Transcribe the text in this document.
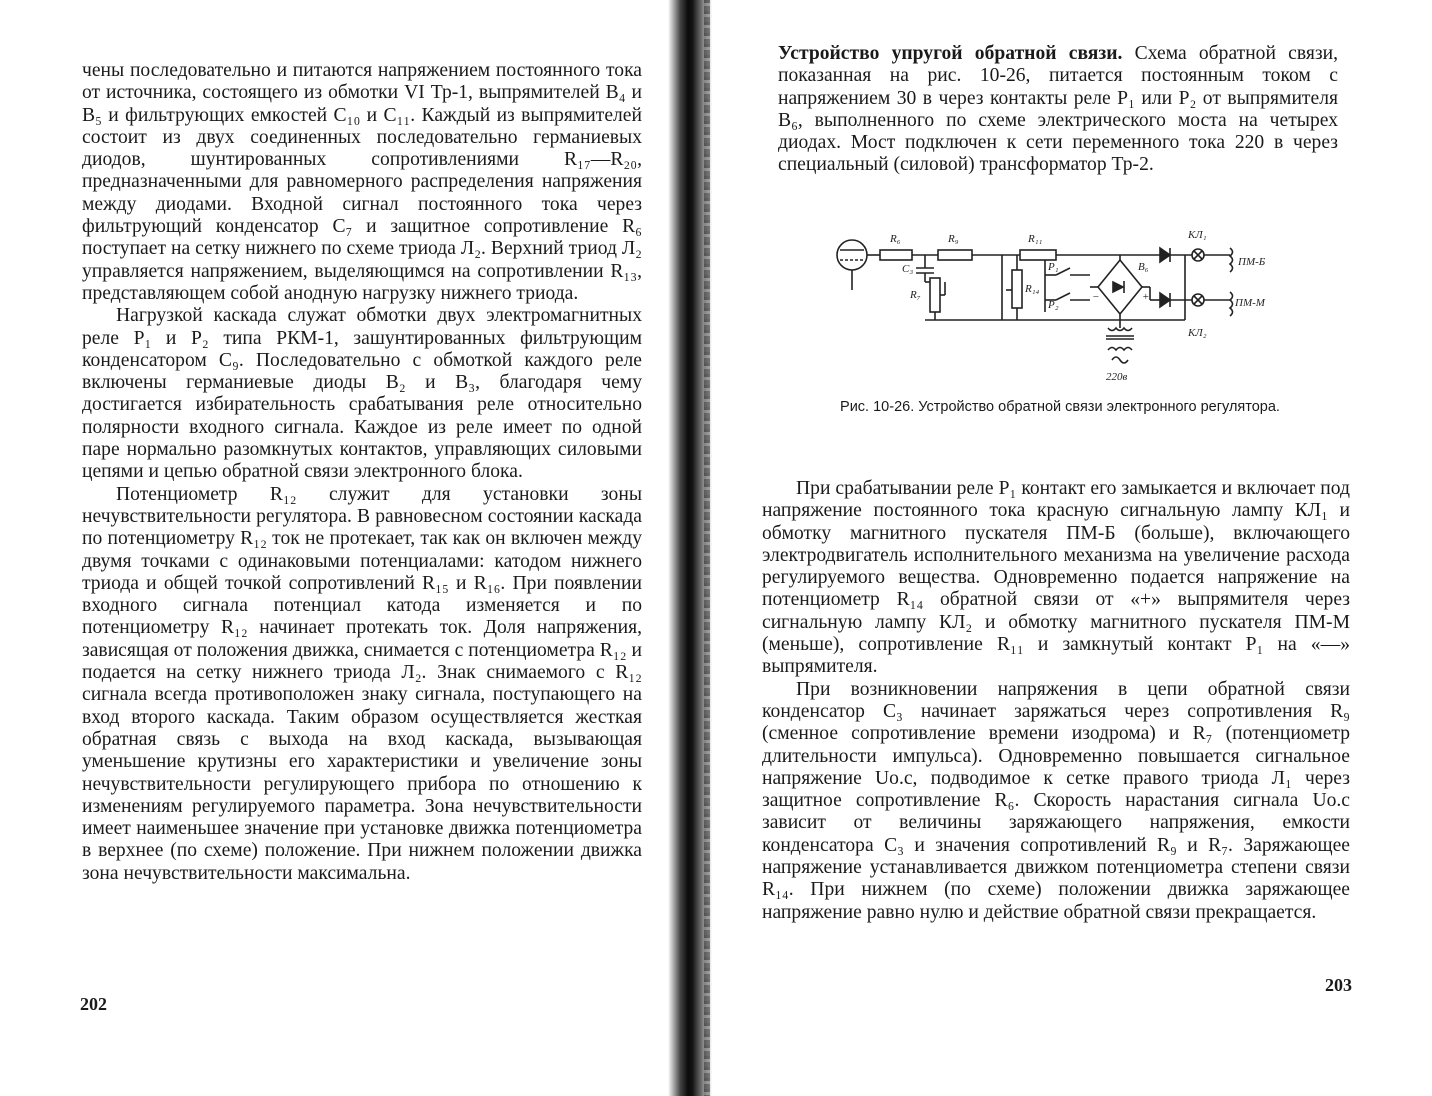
чены последовательно и питаются напряжением постоянного тока от источника, состоящего из обмотки VI Тр-1, выпрямителей B₄ и B₅ и фильтрующих емкостей C₁₀ и C₁₁. Каждый из выпрямителей состоит из двух соединенных последовательно германиевых диодов, шунтированных сопротивлениями R₁₇—R₂₀, предназначенными для равномерного распределения напряжения между диодами. Входной сигнал постоянного тока через фильтрующий конденсатор C₇ и защитное сопротивление R₆ поступает на сетку нижнего по схеме триода Л₂. Верхний триод Л₂ управляется напряжением, выделяющимся на сопротивлении R₁₃, представляющем собой анодную нагрузку нижнего триода.

Нагрузкой каскада служат обмотки двух электромагнитных реле P₁ и P₂ типа РКМ-1, зашунтированных фильтрующим конденсатором C₉. Последовательно с обмоткой каждого реле включены германиевые диоды B₂ и B₃, благодаря чему достигается избирательность срабатывания реле относительно полярности входного сигнала. Каждое из реле имеет по одной паре нормально разомкнутых контактов, управляющих силовыми цепями и цепью обратной связи электронного блока.

Потенциометр R₁₂ служит для установки зоны нечувствительности регулятора. В равновесном состоянии каскада по потенциометру R₁₂ ток не протекает, так как он включен между двумя точками с одинаковыми потенциалами: катодом нижнего триода и общей точкой сопротивлений R₁₅ и R₁₆. При появлении входного сигнала потенциал катода изменяется и по потенциометру R₁₂ начинает протекать ток. Доля напряжения, зависящая от положения движка, снимается с потенциометра R₁₂ и подается на сетку нижнего триода Л₂. Знак снимаемого с R₁₂ сигнала всегда противоположен знаку сигнала, поступающего на вход второго каскада. Таким образом осуществляется жесткая обратная связь с выхода на вход каскада, вызывающая уменьшение крутизны его характеристики и увеличение зоны нечувствительности регулирующего прибора по отношению к изменениям регулируемого параметра. Зона нечувствительности имеет наименьшее значение при установке движка потенциометра в верхнее (по схеме) положение. При нижнем положении движка зона нечувствительности максимальна.

202

Устройство упругой обратной связи. Схема обратной связи, показанная на рис. 10-26, питается постоянным током с напряжением 30 в через контакты реле P₁ или P₂ от выпрямителя B₆, выполненного по схеме электрического моста на четырех диодах. Мост подключен к сети переменного тока 220 в через специальный (силовой) трансформатор Тр-2.

R₆	R₉	R₁₁
C₃
R₇	R₁₄
P₁
P₂
B₆
−	+
КЛ₁
КЛ₂
ПМ-Б
ПМ-М
220в
Рис. 10-26. Устройство обратной связи электронного регулятора.

При срабатывании реле P₁ контакт его замыкается и включает под напряжение постоянного тока красную сигнальную лампу КЛ₁ и обмотку магнитного пускателя ПМ-Б (больше), включающего электродвигатель исполнительного механизма на увеличение расхода регулируемого вещества. Одновременно подается напряжение на потенциометр R₁₄ обратной связи от «+» выпрямителя через сигнальную лампу КЛ₂ и обмотку магнитного пускателя ПМ-М (меньше), сопротивление R₁₁ и замкнутый контакт P₁ на «—» выпрямителя.

При возникновении напряжения в цепи обратной связи конденсатор C₃ начинает заряжаться через сопротивления R₉ (сменное сопротивление времени изодрома) и R₇ (потенциометр длительности импульса). Одновременно повышается сигнальное напряжение Uо.с, подводимое к сетке правого триода Л₁ через защитное сопротивление R₆. Скорость нарастания сигнала Uо.с зависит от величины заряжающего напряжения, емкости конденсатора C₃ и значения сопротивлений R₉ и R₇. Заряжающее напряжение устанавливается движком потенциометра степени связи R₁₄. При нижнем (по схеме) положении движка заряжающее напряжение равно нулю и действие обратной связи прекращается.

203
